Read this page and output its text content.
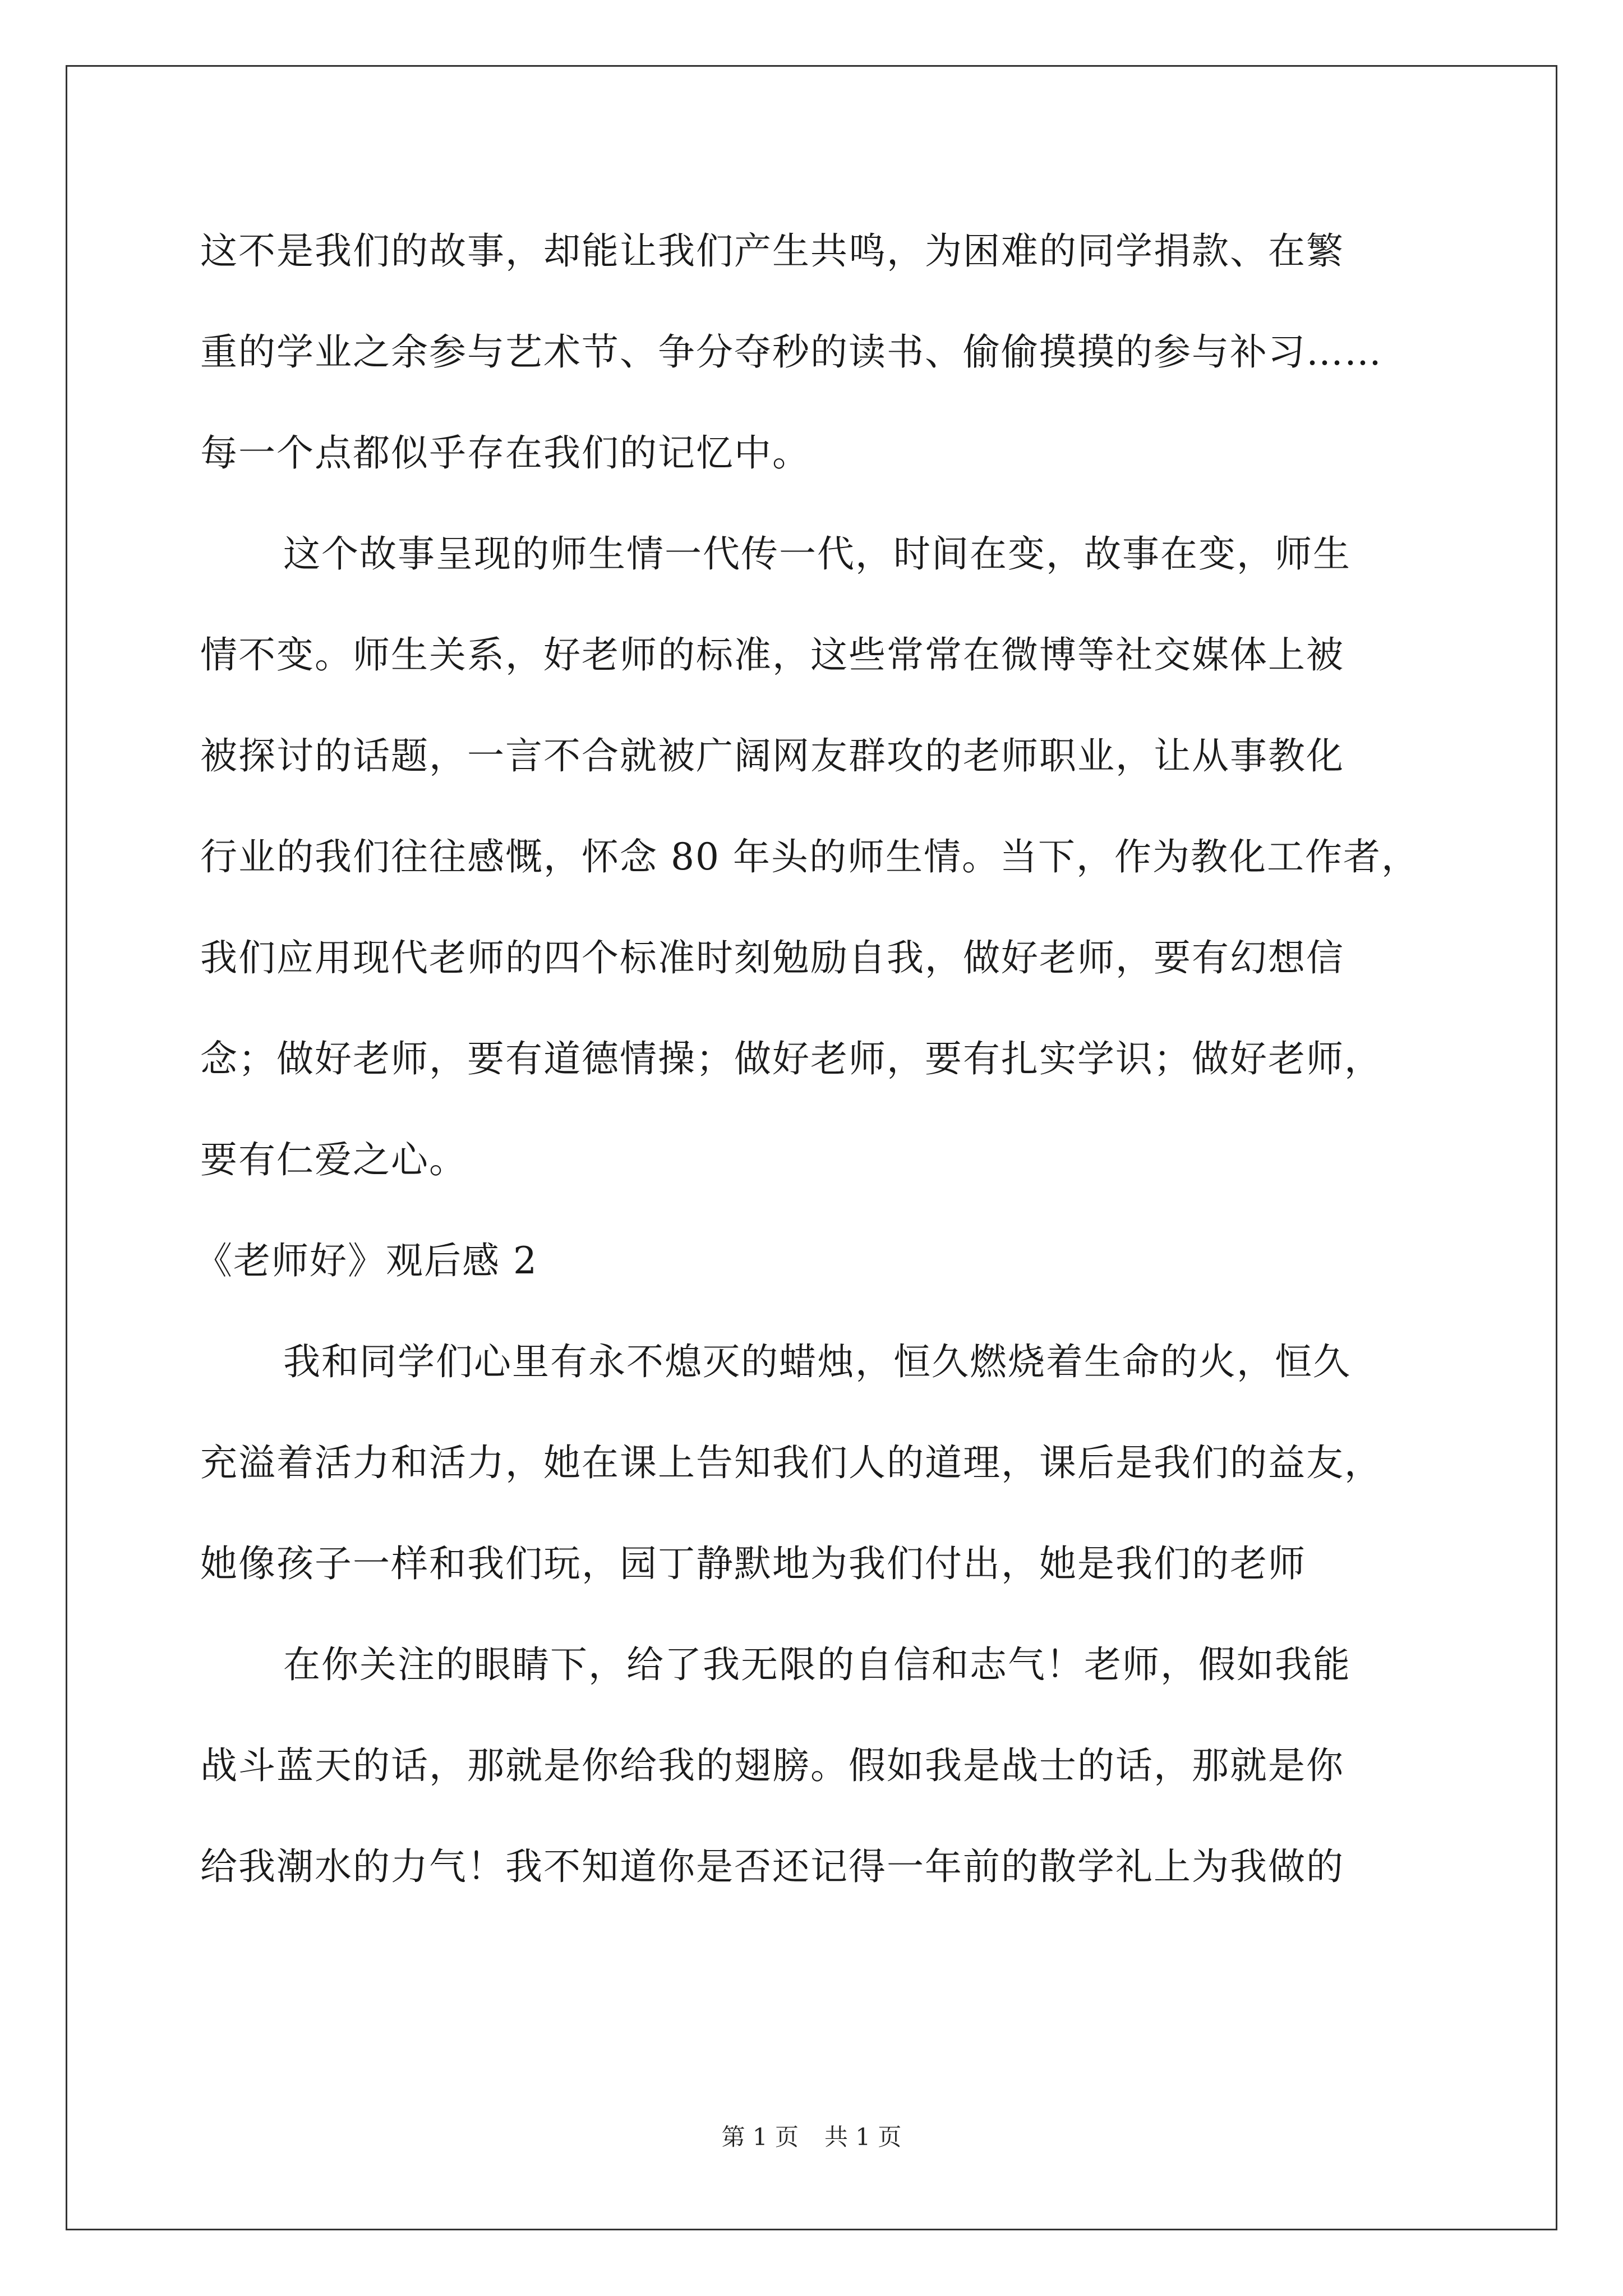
这不是我们的故事，却能让我们产生共鸣，为困难的同学捐款、在繁
重的学业之余参与艺术节、争分夺秒的读书、偷偷摸摸的参与补习……
每一个点都似乎存在我们的记忆中。
这个故事呈现的师生情一代传一代，时间在变，故事在变，师生
情不变。师生关系，好老师的标准，这些常常在微博等社交媒体上被
被探讨的话题，一言不合就被广阔网友群攻的老师职业，让从事教化
行业的我们往往感慨，怀念 80 年头的师生情。当下，作为教化工作者，
我们应用现代老师的四个标准时刻勉励自我，做好老师，要有幻想信
念；做好老师，要有道德情操；做好老师，要有扎实学识；做好老师，
要有仁爱之心。
《老师好》观后感 2
我和同学们心里有永不熄灭的蜡烛，恒久燃烧着生命的火，恒久
充溢着活力和活力，她在课上告知我们人的道理，课后是我们的益友，
她像孩子一样和我们玩，园丁静默地为我们付出，她是我们的老师
在你关注的眼睛下，给了我无限的自信和志气！老师，假如我能
战斗蓝天的话，那就是你给我的翅膀。假如我是战士的话，那就是你
给我潮水的力气！我不知道你是否还记得一年前的散学礼上为我做的
第 1 页 共 1 页
